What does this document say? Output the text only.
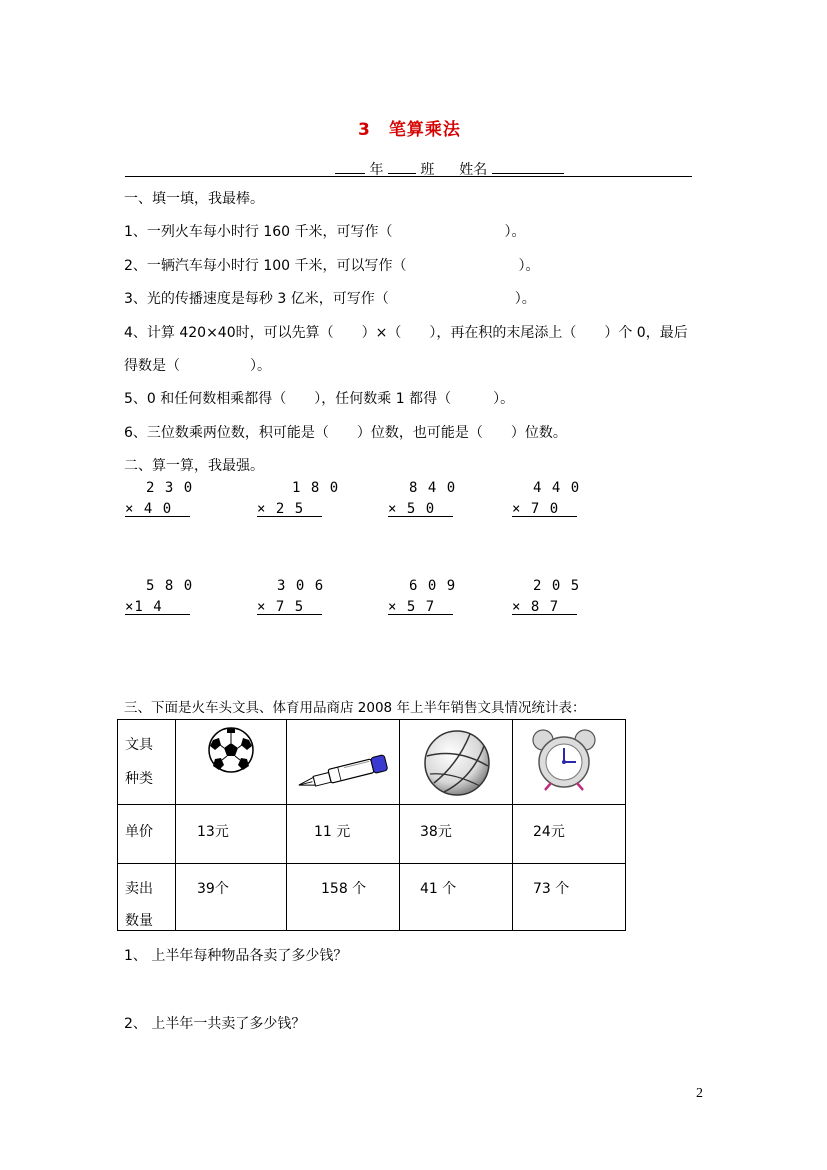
3　笔算乘法
年	班 姓名
一、填一填，我最棒。
1、一列火车每小时行 160 千米，可写作（　　　　　　　　）。
2、一辆汽车每小时行 100 千米，可以写作（　　　　　　　　）。
3、光的传播速度是每秒 3 亿米，可写作（　　　　　　　　　）。
4、计算 420×40时，可以先算（　　）×（　　），再在积的末尾添上（　　）个 0，最后
得数是（　　　　　）。
5、0 和任何数相乘都得（　　），任何数乘 1 都得（　　　）。
6、三位数乘两位数，积可能是（　　）位数，也可能是（　　）位数。
二、算一算，我最强。
2 3 0
× 4 0
1 8 0
× 2 5
8 4 0
× 5 0
4 4 0
× 7 0
5 8 0
×1 4
3 0 6
× 7 5
6 0 9
× 5 7
2 0 5
× 8 7
三、下面是火车头文具、体育用品商店 2008 年上半年销售文具情况统计表：
文具
种类

单价	13元	11 元	38元	24元

卖出
数量	39个	158 个	41 个	73 个
1、 上半年每种物品各卖了多少钱？
2、 上半年一共卖了多少钱？
2
